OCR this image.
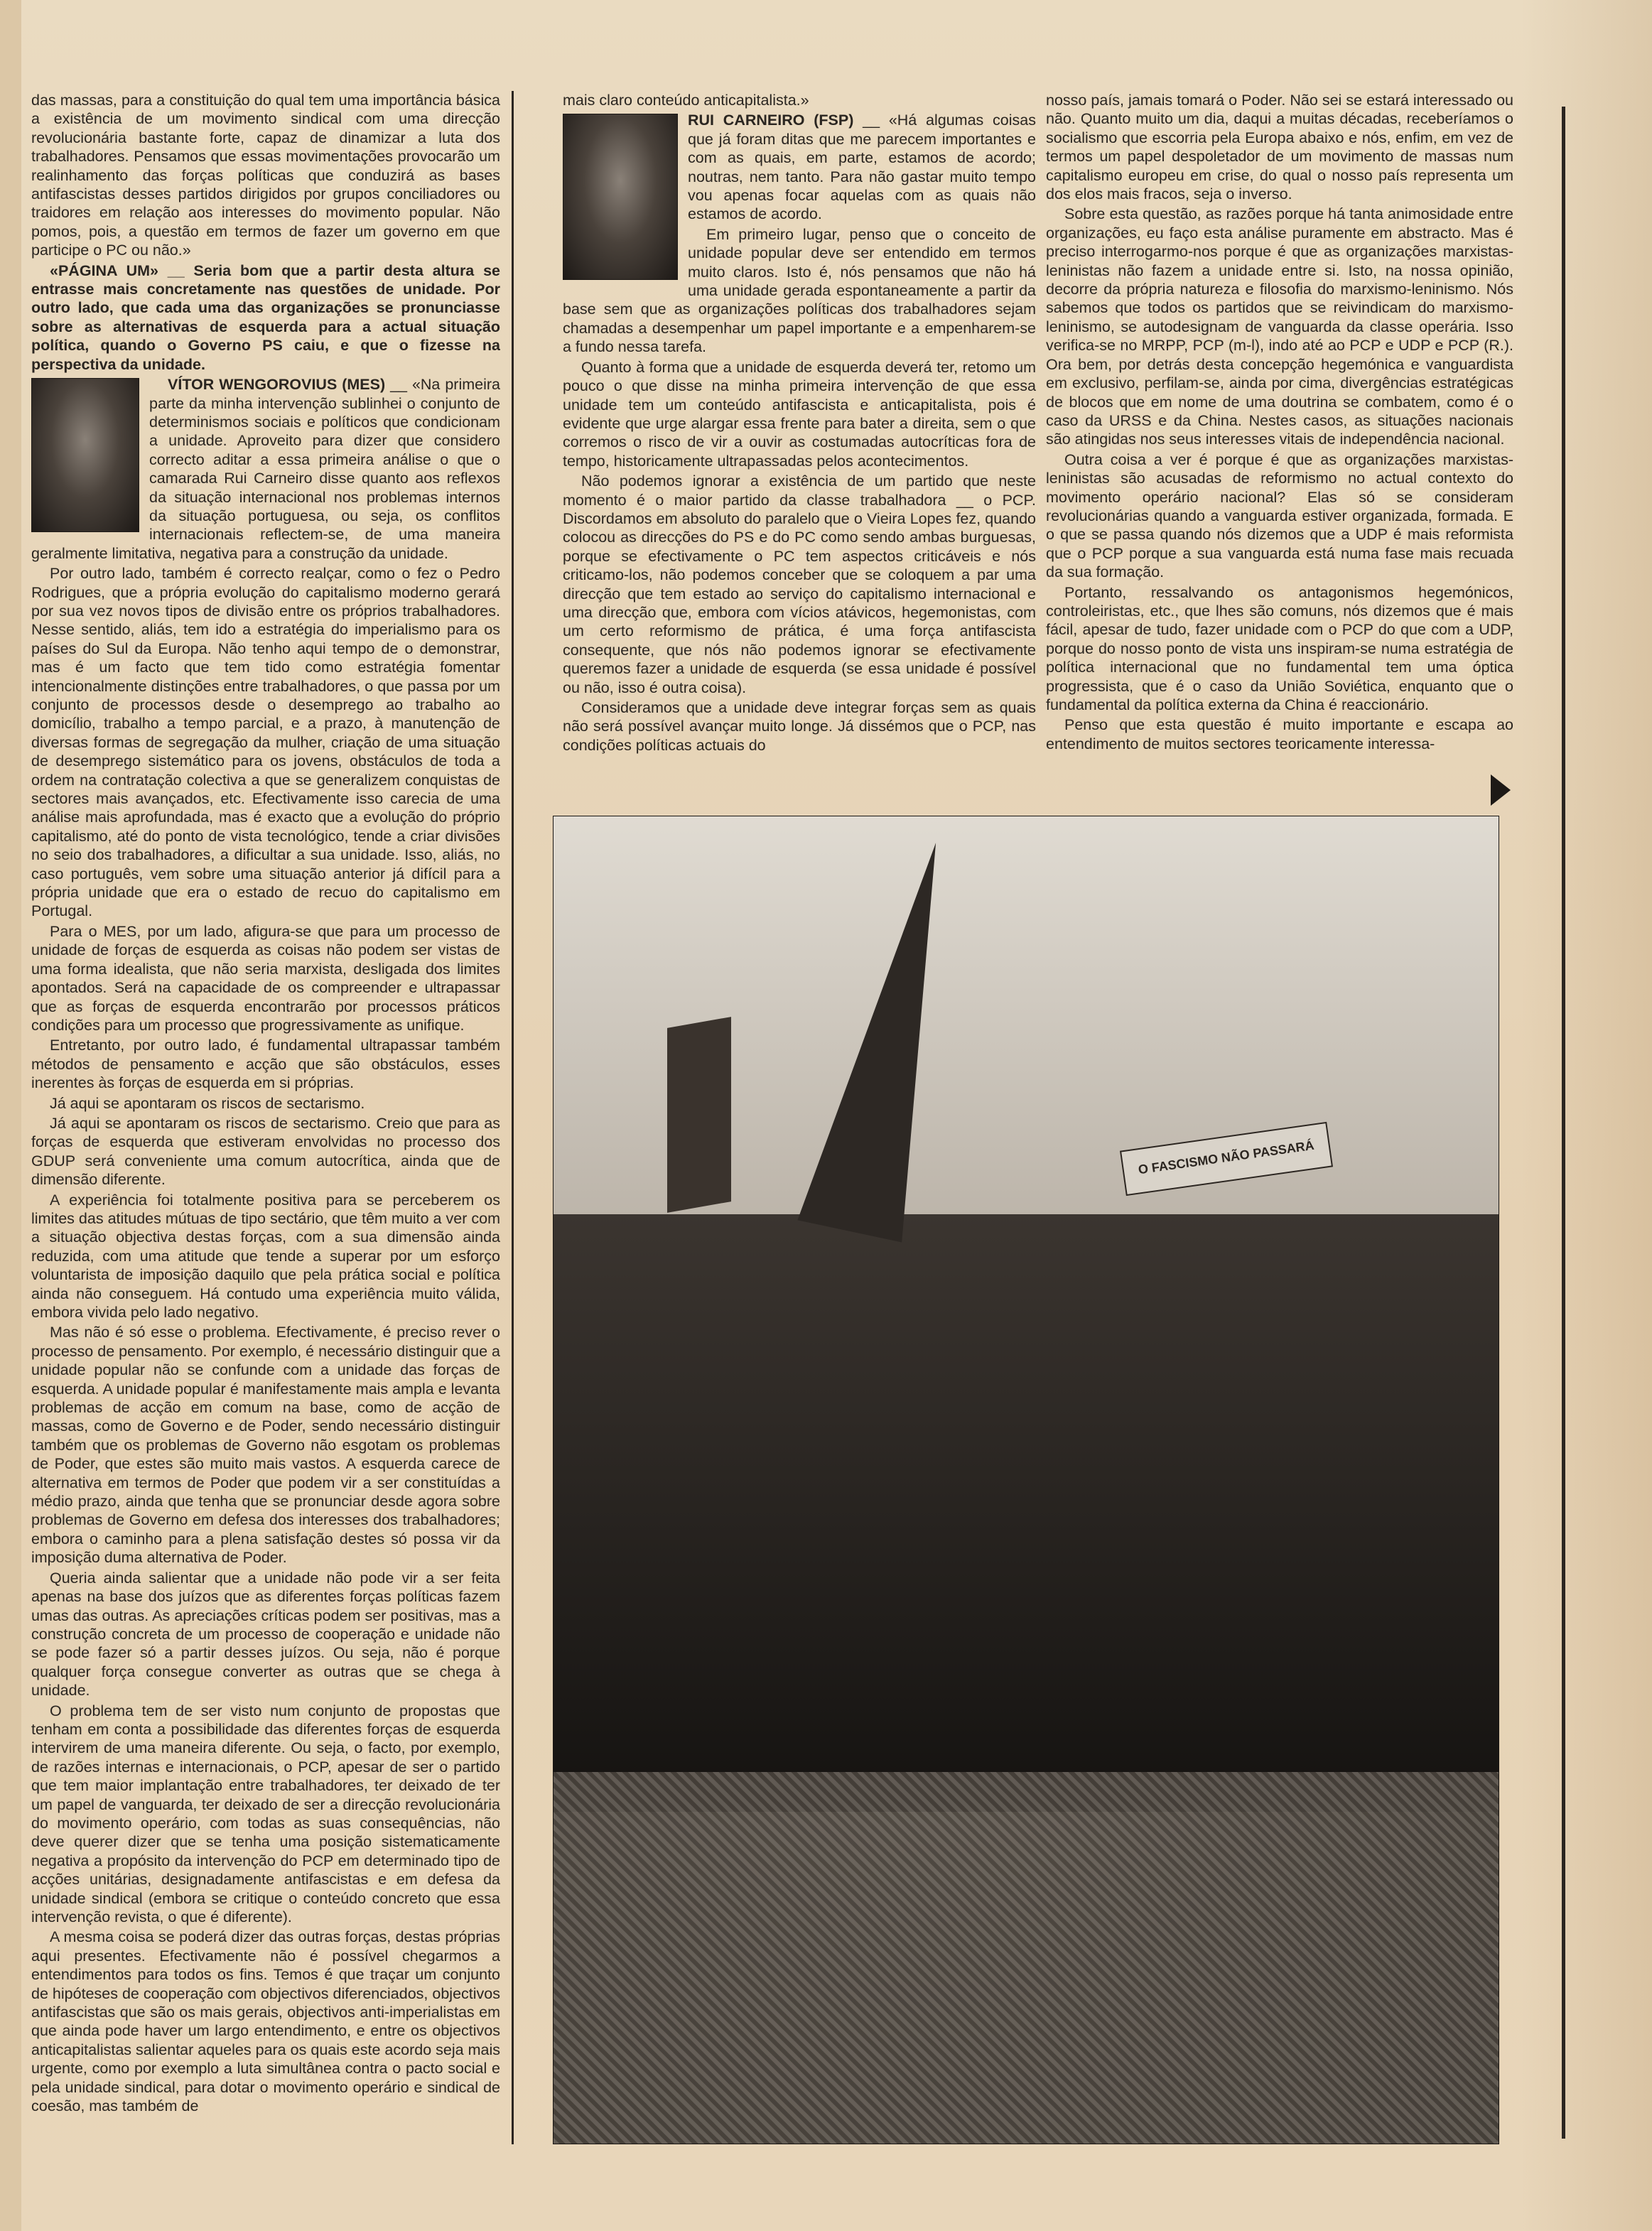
das massas, para a constituição do qual tem uma importância básica a existência de um movimento sindical com uma direcção revolucionária bastante forte, capaz de dinamizar a luta dos trabalhadores. Pensamos que essas movimentações provocarão um realinhamento das forças políticas que conduzirá as bases antifascistas desses partidos dirigidos por grupos conciliadores ou traidores em relação aos interesses do movimento popular. Não pomos, pois, a questão em termos de fazer um governo em que participe o PC ou não.»

«PÁGINA UM» __ Seria bom que a partir desta altura se entrasse mais concretamente nas questões de unidade. Por outro lado, que cada uma das organizações se pronunciasse sobre as alternativas de esquerda para a actual situação política, quando o Governo PS caiu, e que o fizesse na perspectiva da unidade.

VÍTOR WENGOROVIUS (MES) __ «Na primeira parte da minha intervenção sublinhei o conjunto de determinismos sociais e políticos que condicionam a unidade. Aproveito para dizer que considero correcto aditar a essa primeira análise o que o camarada Rui Carneiro disse quanto aos reflexos da situação internacional nos problemas internos da situação portuguesa, ou seja, os conflitos internacionais reflectem-se, de uma maneira geralmente limitativa, negativa para a construção da unidade.

Por outro lado, também é correcto realçar, como o fez o Pedro Rodrigues, que a própria evolução do capitalismo moderno gerará por sua vez novos tipos de divisão entre os próprios trabalhadores. Nesse sentido, aliás, tem ido a estratégia do imperialismo para os países do Sul da Europa. Não tenho aqui tempo de o demonstrar, mas é um facto que tem tido como estratégia fomentar intencionalmente distinções entre trabalhadores, o que passa por um conjunto de processos desde o desemprego ao trabalho ao domicílio, trabalho a tempo parcial, e a prazo, à manutenção de diversas formas de segregação da mulher, criação de uma situação de desemprego sistemático para os jovens, obstáculos de toda a ordem na contratação colectiva a que se generalizem conquistas de sectores mais avançados, etc. Efectivamente isso carecia de uma análise mais aprofundada, mas é exacto que a evolução do próprio capitalismo, até do ponto de vista tecnológico, tende a criar divisões no seio dos trabalhadores, a dificultar a sua unidade. Isso, aliás, no caso português, vem sobre uma situação anterior já difícil para a própria unidade que era o estado de recuo do capitalismo em Portugal.

Para o MES, por um lado, afigura-se que para um processo de unidade de forças de esquerda as coisas não podem ser vistas de uma forma idealista, que não seria marxista, desligada dos limites apontados. Será na capacidade de os compreender e ultrapassar que as forças de esquerda encontrarão por processos práticos condições para um processo que progressivamente as unifique.

Entretanto, por outro lado, é fundamental ultrapassar também métodos de pensamento e acção que são obstáculos, esses inerentes às forças de esquerda em si próprias.

Já aqui se apontaram os riscos de sectarismo.

Já aqui se apontaram os riscos de sectarismo. Creio que para as forças de esquerda que estiveram envolvidas no processo dos GDUP será conveniente uma comum autocrítica, ainda que de dimensão diferente.

A experiência foi totalmente positiva para se perceberem os limites das atitudes mútuas de tipo sectário, que têm muito a ver com a situação objectiva destas forças, com a sua dimensão ainda reduzida, com uma atitude que tende a superar por um esforço voluntarista de imposição daquilo que pela prática social e política ainda não conseguem. Há contudo uma experiência muito válida, embora vivida pelo lado negativo.

Mas não é só esse o problema. Efectivamente, é preciso rever o processo de pensamento. Por exemplo, é necessário distinguir que a unidade popular não se confunde com a unidade das forças de esquerda. A unidade popular é manifestamente mais ampla e levanta problemas de acção em comum na base, como de acção de massas, como de Governo e de Poder, sendo necessário distinguir também que os problemas de Governo não esgotam os problemas de Poder, que estes são muito mais vastos. A esquerda carece de alternativa em termos de Poder que podem vir a ser constituídas a médio prazo, ainda que tenha que se pronunciar desde agora sobre problemas de Governo em defesa dos interesses dos trabalhadores; embora o caminho para a plena satisfação destes só possa vir da imposição duma alternativa de Poder.

Queria ainda salientar que a unidade não pode vir a ser feita apenas na base dos juízos que as diferentes forças políticas fazem umas das outras. As apreciações críticas podem ser positivas, mas a construção concreta de um processo de cooperação e unidade não se pode fazer só a partir desses juízos. Ou seja, não é porque qualquer força consegue converter as outras que se chega à unidade.

O problema tem de ser visto num conjunto de propostas que tenham em conta a possibilidade das diferentes forças de esquerda intervirem de uma maneira diferente. Ou seja, o facto, por exemplo, de razões internas e internacionais, o PCP, apesar de ser o partido que tem maior implantação entre trabalhadores, ter deixado de ter um papel de vanguarda, ter deixado de ser a direcção revolucionária do movimento operário, com todas as suas consequências, não deve querer dizer que se tenha uma posição sistematicamente negativa a propósito da intervenção do PCP em determinado tipo de acções unitárias, designadamente antifascistas e em defesa da unidade sindical (embora se critique o conteúdo concreto que essa intervenção revista, o que é diferente).

A mesma coisa se poderá dizer das outras forças, destas próprias aqui presentes. Efectivamente não é possível chegarmos a entendimentos para todos os fins. Temos é que traçar um conjunto de hipóteses de cooperação com objectivos diferenciados, objectivos antifascistas que são os mais gerais, objectivos anti-imperialistas em que ainda pode haver um largo entendimento, e entre os objectivos anticapitalistas salientar aqueles para os quais este acordo seja mais urgente, como por exemplo a luta simultânea contra o pacto social e pela unidade sindical, para dotar o movimento operário e sindical de coesão, mas também de

mais claro conteúdo anticapitalista.»

RUI CARNEIRO (FSP) __ «Há algumas coisas que já foram ditas que me parecem importantes e com as quais, em parte, estamos de acordo; noutras, nem tanto. Para não gastar muito tempo vou apenas focar aquelas com as quais não estamos de acordo.

Em primeiro lugar, penso que o conceito de unidade popular deve ser entendido em termos muito claros. Isto é, nós pensamos que não há uma unidade gerada espontaneamente a partir da base sem que as organizações políticas dos trabalhadores sejam chamadas a desempenhar um papel importante e a empenharem-se a fundo nessa tarefa.

Quanto à forma que a unidade de esquerda deverá ter, retomo um pouco o que disse na minha primeira intervenção de que essa unidade tem um conteúdo antifascista e anticapitalista, pois é evidente que urge alargar essa frente para bater a direita, sem o que corremos o risco de vir a ouvir as costumadas autocríticas fora de tempo, historicamente ultrapassadas pelos acontecimentos.

Não podemos ignorar a existência de um partido que neste momento é o maior partido da classe trabalhadora __ o PCP. Discordamos em absoluto do paralelo que o Vieira Lopes fez, quando colocou as direcções do PS e do PC como sendo ambas burguesas, porque se efectivamente o PC tem aspectos criticáveis e nós criticamo-los, não podemos conceber que se coloquem a par uma direcção que tem estado ao serviço do capitalismo internacional e uma direcção que, embora com vícios atávicos, hegemonistas, com um certo reformismo de prática, é uma força antifascista consequente, que nós não podemos ignorar se efectivamente queremos fazer a unidade de esquerda (se essa unidade é possível ou não, isso é outra coisa).

Consideramos que a unidade deve integrar forças sem as quais não será possível avançar muito longe. Já dissémos que o PCP, nas condições políticas actuais do

nosso país, jamais tomará o Poder. Não sei se estará interessado ou não. Quanto muito um dia, daqui a muitas décadas, receberíamos o socialismo que escorria pela Europa abaixo e nós, enfim, em vez de termos um papel despoletador de um movimento de massas num capitalismo europeu em crise, do qual o nosso país representa um dos elos mais fracos, seja o inverso.

Sobre esta questão, as razões porque há tanta animosidade entre organizações, eu faço esta análise puramente em abstracto. Mas é preciso interrogarmo-nos porque é que as organizações marxistas-leninistas não fazem a unidade entre si. Isto, na nossa opinião, decorre da própria natureza e filosofia do marxismo-leninismo. Nós sabemos que todos os partidos que se reivindicam do marxismo-leninismo, se autodesignam de vanguarda da classe operária. Isso verifica-se no MRPP, PCP (m-l), indo até ao PCP e UDP e PCP (R.). Ora bem, por detrás desta concepção hegemónica e vanguardista em exclusivo, perfilam-se, ainda por cima, divergências estratégicas de blocos que em nome de uma doutrina se combatem, como é o caso da URSS e da China. Nestes casos, as situações nacionais são atingidas nos seus interesses vitais de independência nacional.

Outra coisa a ver é porque é que as organizações marxistas-leninistas são acusadas de reformismo no actual contexto do movimento operário nacional? Elas só se consideram revolucionárias quando a vanguarda estiver organizada, formada. E o que se passa quando nós dizemos que a UDP é mais reformista que o PCP porque a sua vanguarda está numa fase mais recuada da sua formação.

Portanto, ressalvando os antagonismos hegemónicos, controleiristas, etc., que lhes são comuns, nós dizemos que é mais fácil, apesar de tudo, fazer unidade com o PCP do que com a UDP, porque do nosso ponto de vista uns inspiram-se numa estratégia de política internacional que no fundamental tem uma óptica progressista, que é o caso da União Soviética, enquanto que o fundamental da política externa da China é reaccionário.

Penso que esta questão é muito importante e escapa ao entendimento de muitos sectores teoricamente interessa-

O FASCISMO NÃO PASSARÁ
